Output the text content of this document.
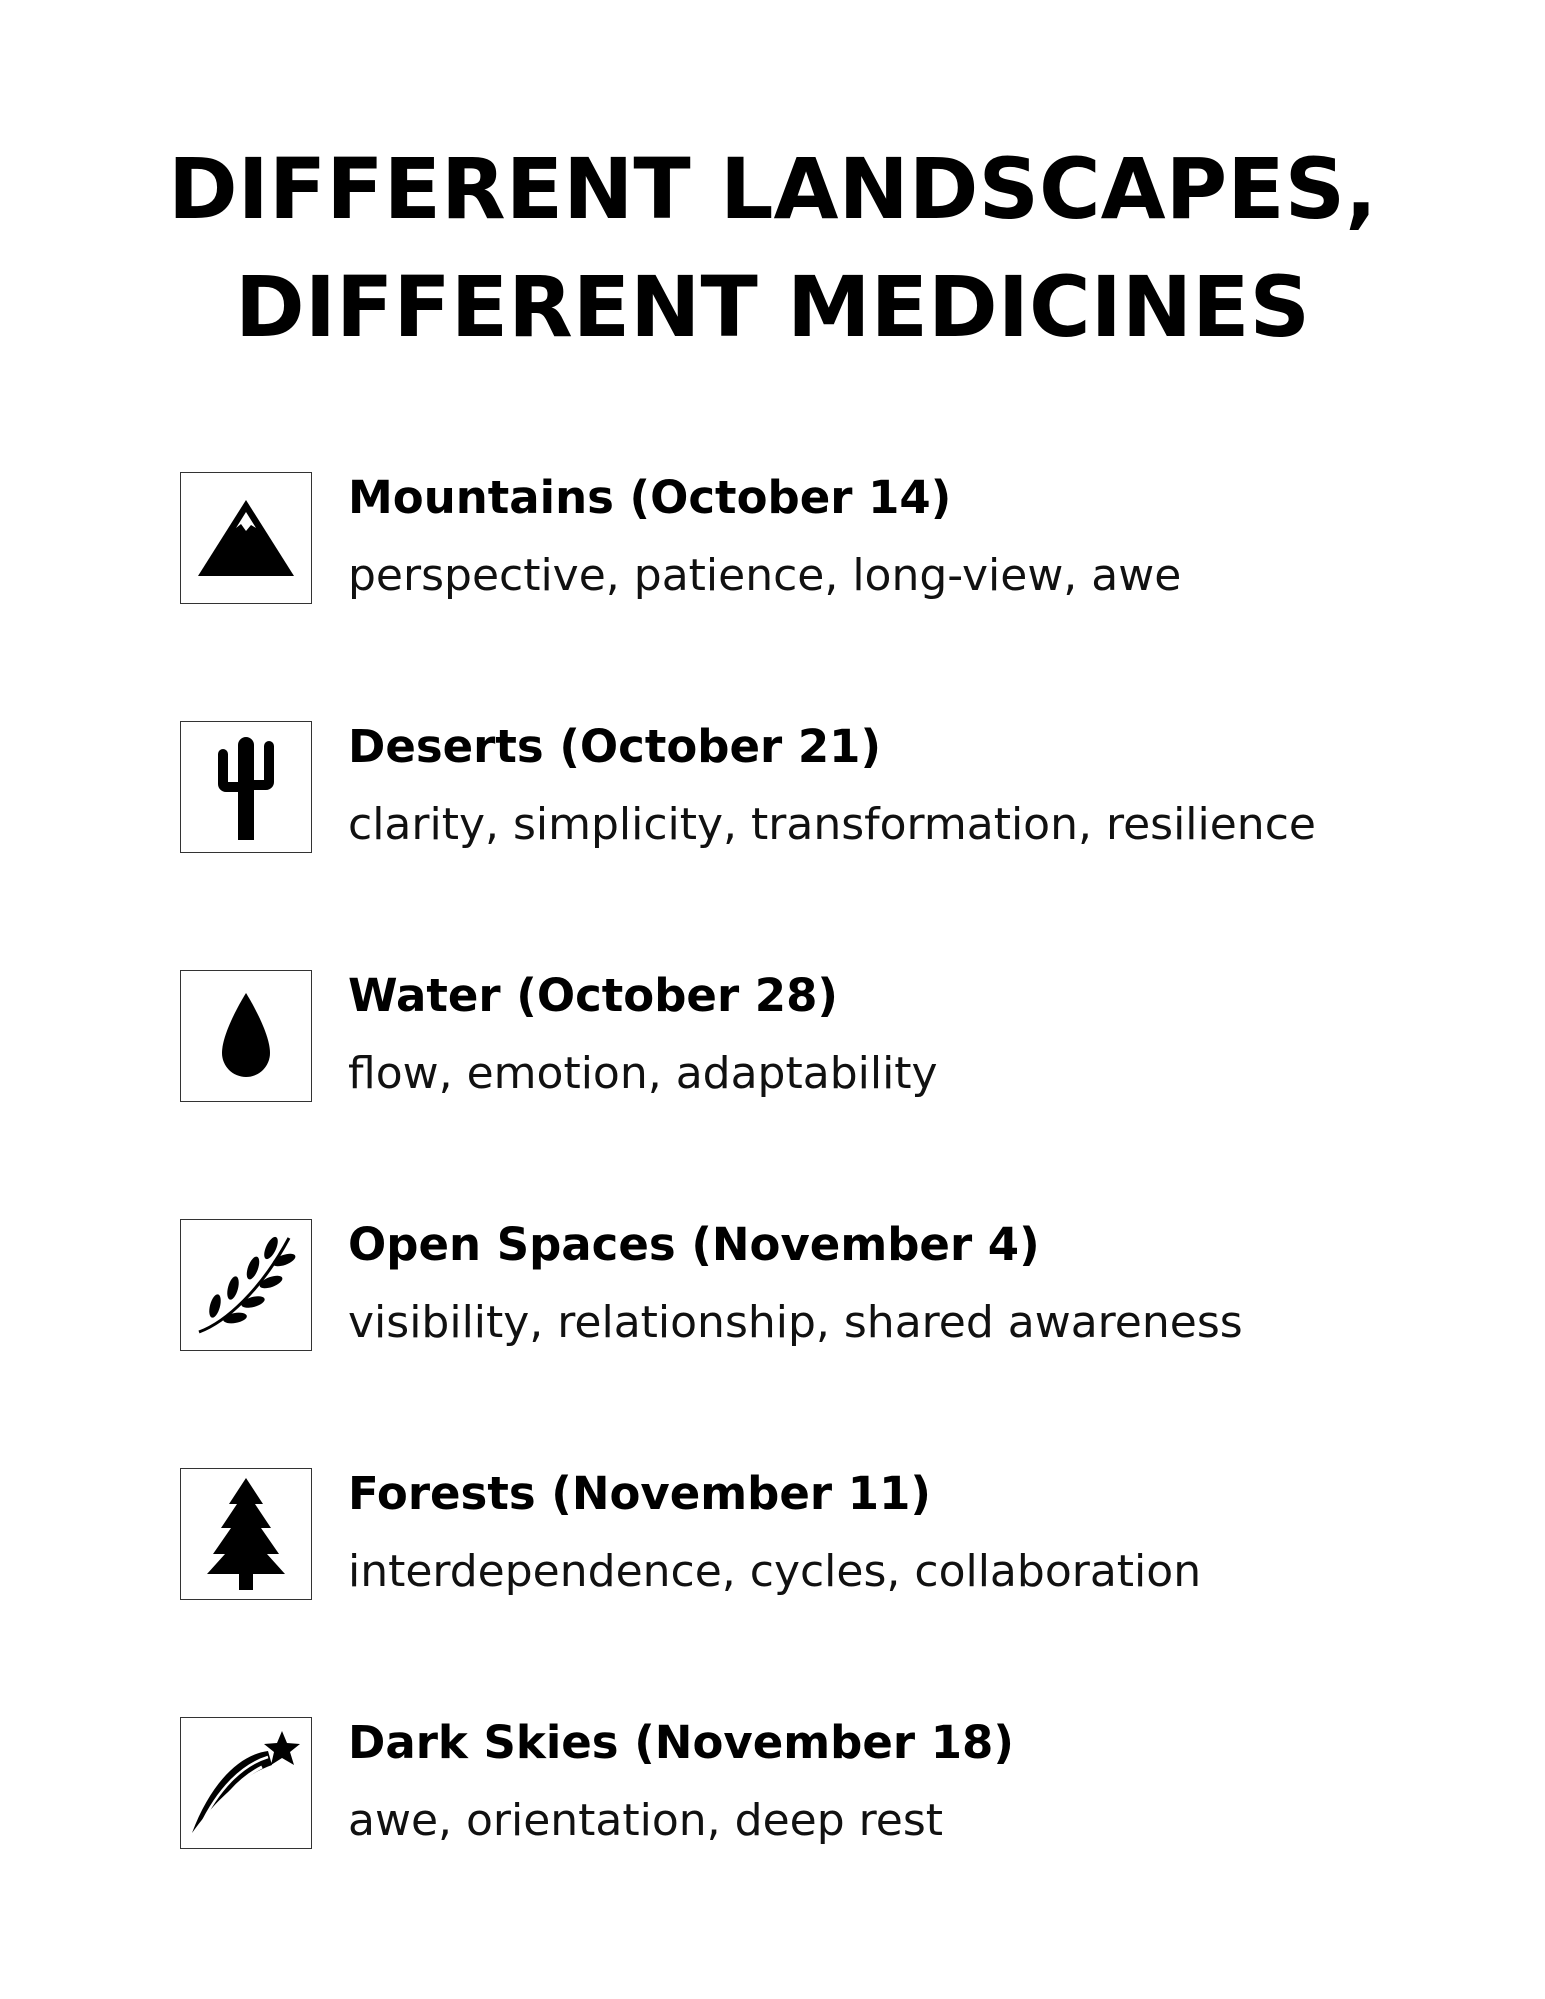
DIFFERENT LANDSCAPES,
DIFFERENT MEDICINES
Mountains (October 14)
perspective, patience, long-view, awe
Deserts (October 21)
clarity, simplicity, transformation, resilience
Water (October 28)
flow, emotion, adaptability
Open Spaces (November 4)
visibility, relationship, shared awareness
Forests (November 11)
interdependence, cycles, collaboration
Dark Skies (November 18)
awe, orientation, deep rest
